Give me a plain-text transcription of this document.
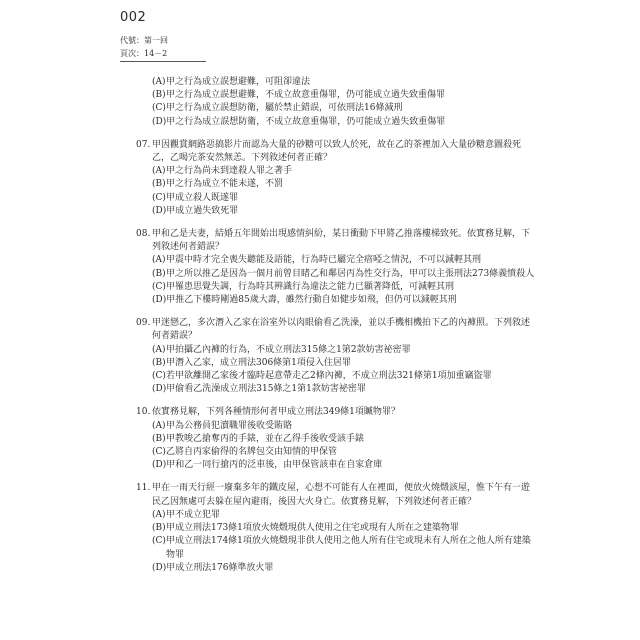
002
代號：第一回
頁次：14－2
(A) 甲之行為成立誤想避難，可阻卻違法
(B) 甲之行為成立誤想避難，不成立故意重傷罪，仍可能成立過失致重傷罪
(C) 甲之行為成立誤想防衛，屬於禁止錯誤，可依刑法16條減刑
(D) 甲之行為成立誤想防衛，不成立故意重傷罪，仍可能成立過失致重傷罪
07. 甲因觀賞網路惡搞影片而認為大量的砂糖可以致人於死，故在乙的茶裡加入大量砂糖意圖殺死乙，乙喝完茶安然無恙。下列敘述何者正確？
(A) 甲之行為尚未到達殺人罪之著手
(B) 甲之行為成立不能未遂，不罰
(C) 甲成立殺人既遂罪
(D) 甲成立過失致死罪
08. 甲和乙是夫妻，結婚五年間始出現感情糾紛，某日衝動下甲將乙推落樓梯致死。依實務見解，下列敘述何者錯誤？
(A) 甲震中時才完全喪失聽能及語能，行為時已屬完全瘖啞之情況，不可以減輕其刑
(B) 甲之所以推乙是因為一個月前曾目睹乙和鄰居丙為性交行為，甲可以主張刑法273條義憤殺人
(C) 甲罹患思覺失調，行為時其辨識行為違法之能力已顯著降低，可減輕其刑
(D) 甲推乙下樓時剛過85歲大壽，雖然行動自如健步如飛，但仍可以減輕其刑
09. 甲迷戀乙，多次潛入乙家在浴室外以肉眼偷看乙洗澡，並以手機相機拍下乙的內褲照。下列敘述何者錯誤？
(A) 甲拍攝乙內褲的行為，不成立刑法315條之1第2款妨害祕密罪
(B) 甲潛入乙家，成立刑法306條第1項侵入住居罪
(C) 若甲欲離開乙家後才臨時起意帶走乙2條內褲，不成立刑法321條第1項加重竊盜罪
(D) 甲偷看乙洗澡成立刑法315條之1第1款妨害祕密罪
10. 依實務見解，下列各種情形何者甲成立刑法349條1項贓物罪？
(A) 甲為公務員犯瀆職罪後收受賄賂
(B) 甲教唆乙搶奪丙的手錶，並在乙得手後收受該手錶
(C) 乙將自丙家偷得的名牌包交由知情的甲保管
(D) 甲和乙一同行搶丙的泛車後，由甲保管該車在自家倉庫
11. 甲在一雨天行經一廢棄多年的鐵皮屋，心想不可能有人在裡面，便放火燒燬該屋，惟下午有一遊民乙因無處可去躲在屋內避雨，後因大火身亡。依實務見解，下列敘述何者正確？
(A) 甲不成立犯罪
(B) 甲成立刑法173條1項放火燒燬現供人使用之住宅或現有人所在之建築物罪
(C) 甲成立刑法174條1項放火燒燬現非供人使用之他人所有住宅或現未有人所在之他人所有建築物罪
(D) 甲成立刑法176條準放火罪
